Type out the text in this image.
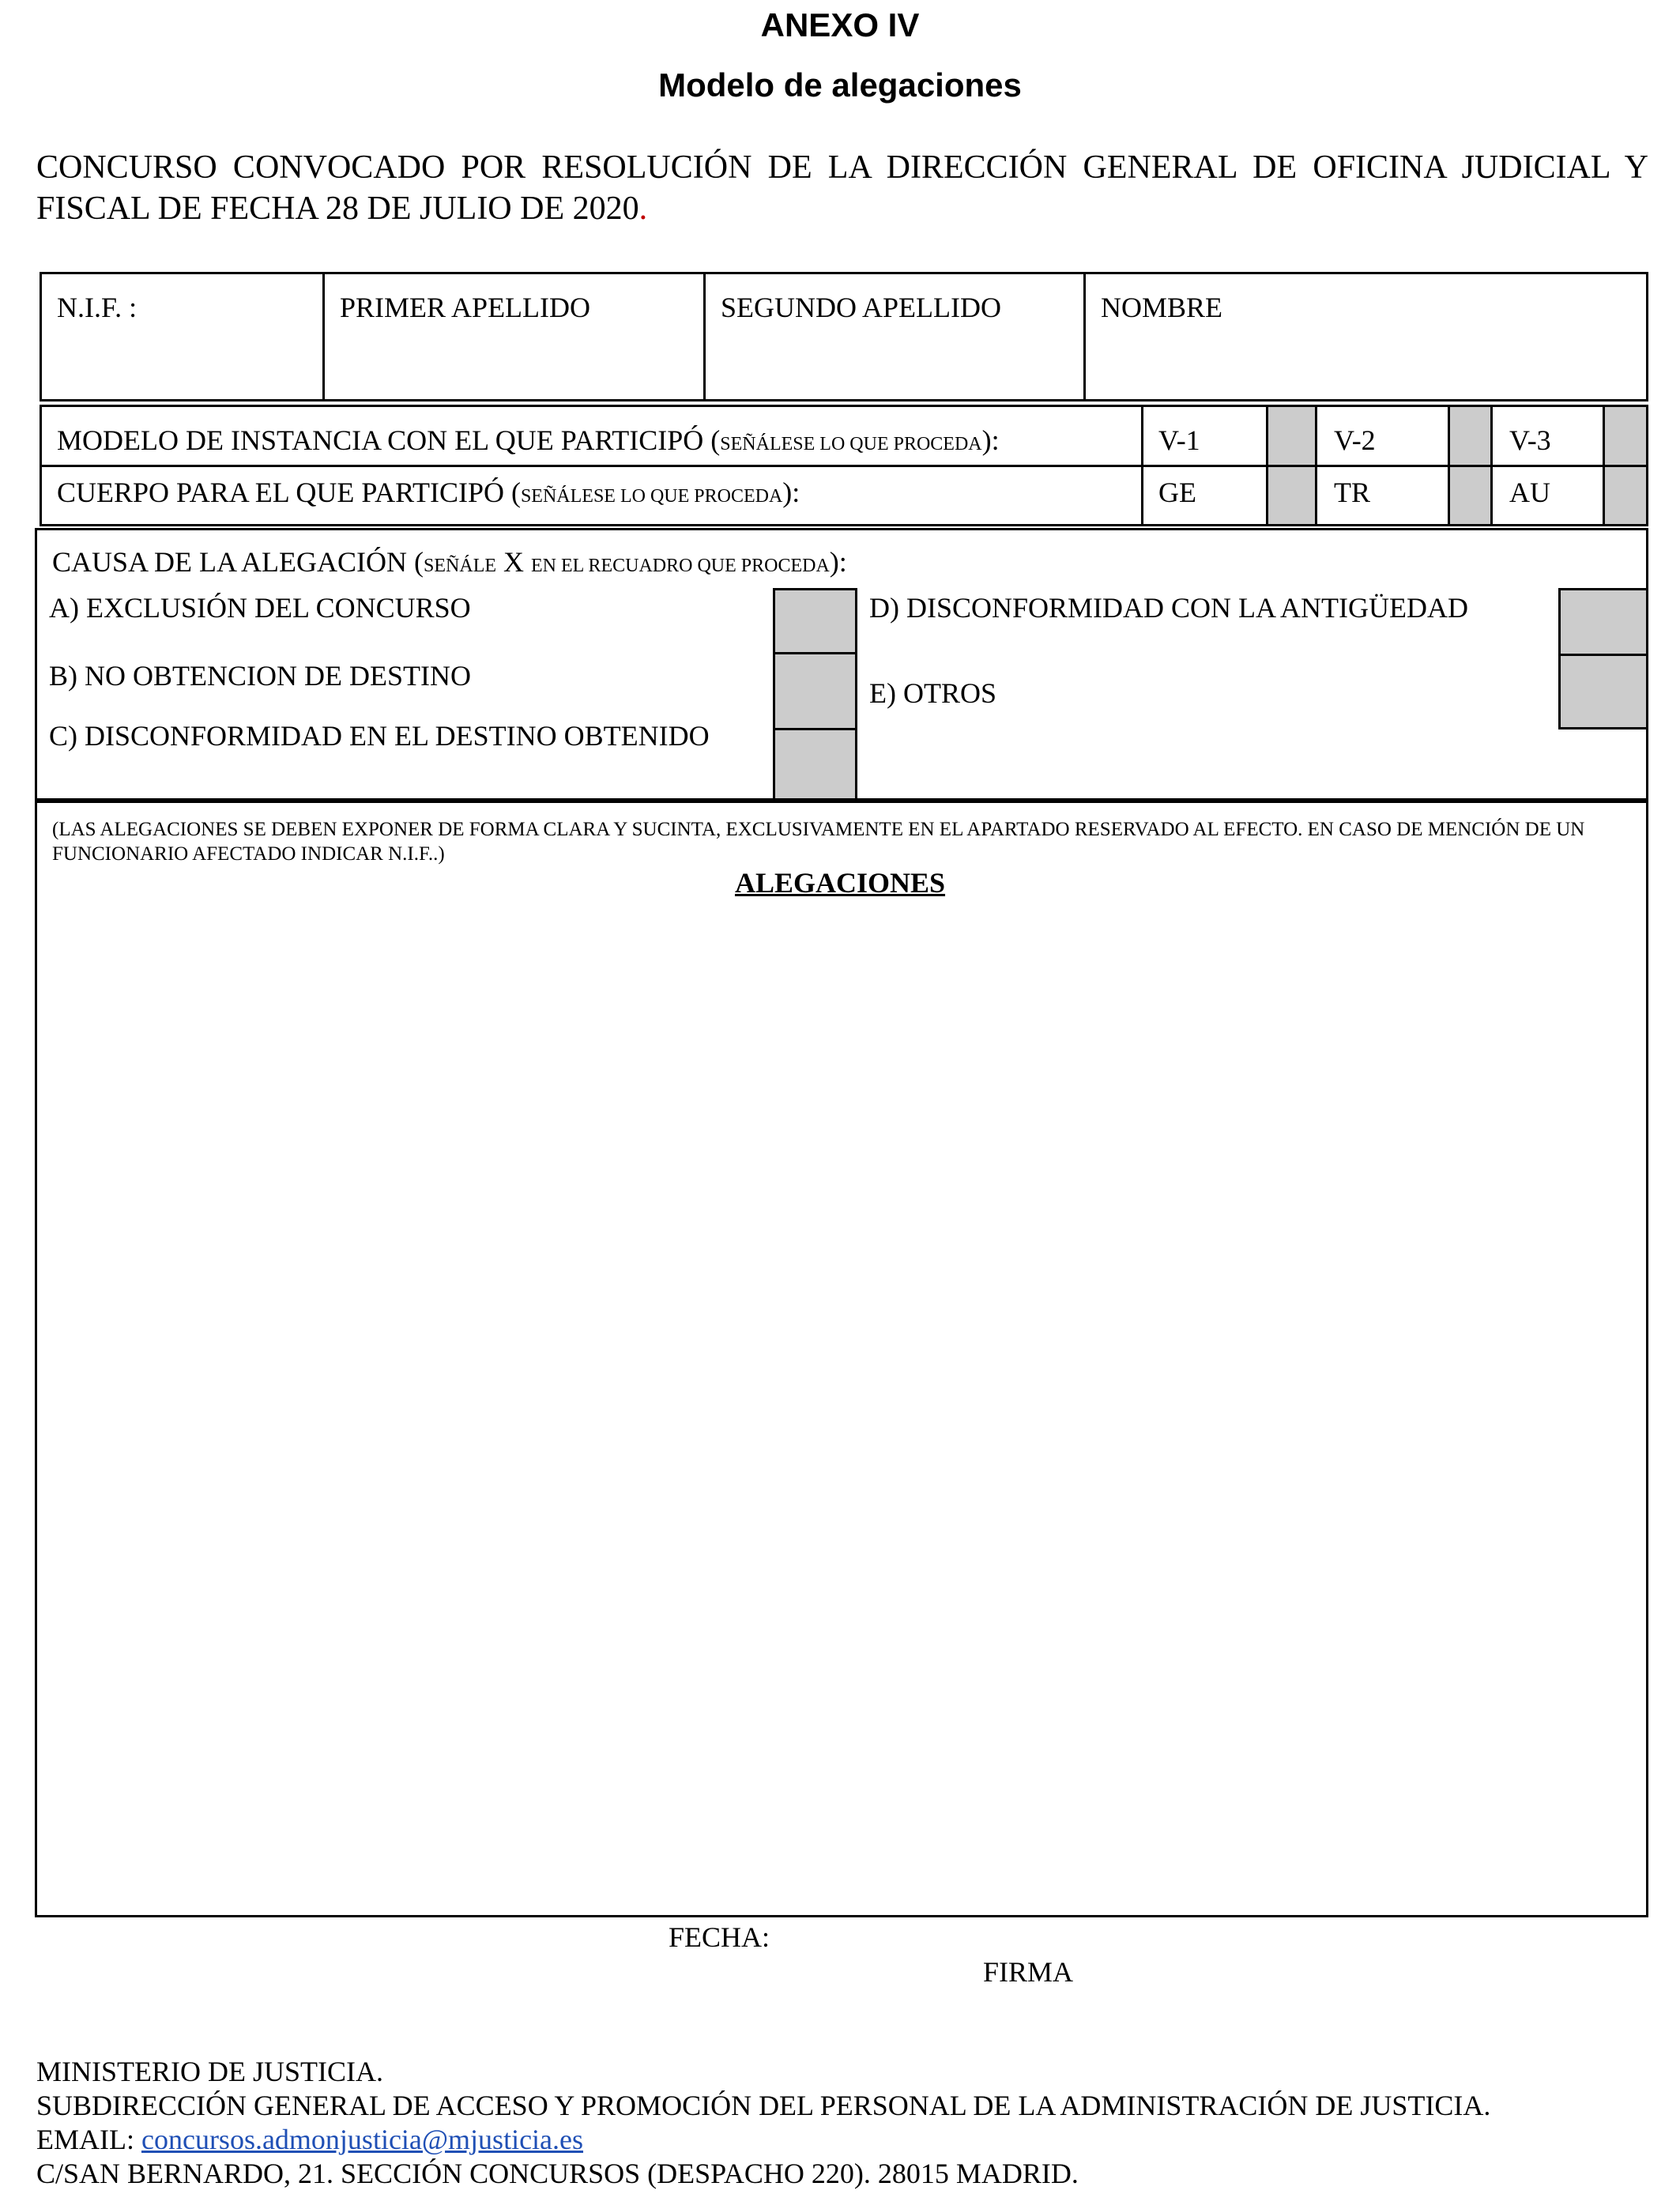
ANEXO IV
Modelo de alegaciones
CONCURSO CONVOCADO POR RESOLUCIÓN DE LA DIRECCIÓN GENERAL DE OFICINA JUDICIAL Y FISCAL DE FECHA 28 DE JULIO DE 2020.
N.I.F. :	PRIMER APELLIDO	SEGUNDO APELLIDO	NOMBRE
MODELO DE INSTANCIA CON EL QUE PARTICIPÓ (SEÑÁLESE LO QUE PROCEDA):	V-1	V-2	V-3
CUERPO PARA EL QUE PARTICIPÓ (SEÑÁLESE LO QUE PROCEDA):	GE	TR	AU
CAUSA DE LA ALEGACIÓN (SEÑÁLE X EN EL RECUADRO QUE PROCEDA):
A) EXCLUSIÓN DEL CONCURSO
B) NO OBTENCION DE DESTINO
C) DISCONFORMIDAD EN EL DESTINO OBTENIDO
D) DISCONFORMIDAD CON LA ANTIGÜEDAD
E) OTROS
(LAS ALEGACIONES SE DEBEN EXPONER DE FORMA CLARA Y SUCINTA, EXCLUSIVAMENTE EN EL APARTADO RESERVADO AL EFECTO. EN CASO DE MENCIÓN DE UN FUNCIONARIO AFECTADO INDICAR N.I.F..)
ALEGACIONES
FECHA:
FIRMA
MINISTERIO DE JUSTICIA.
SUBDIRECCIÓN GENERAL DE ACCESO Y PROMOCIÓN DEL PERSONAL DE LA ADMINISTRACIÓN DE JUSTICIA.
EMAIL: concursos.admonjusticia@mjusticia.es
C/SAN BERNARDO, 21. SECCIÓN CONCURSOS (DESPACHO 220). 28015 MADRID.
